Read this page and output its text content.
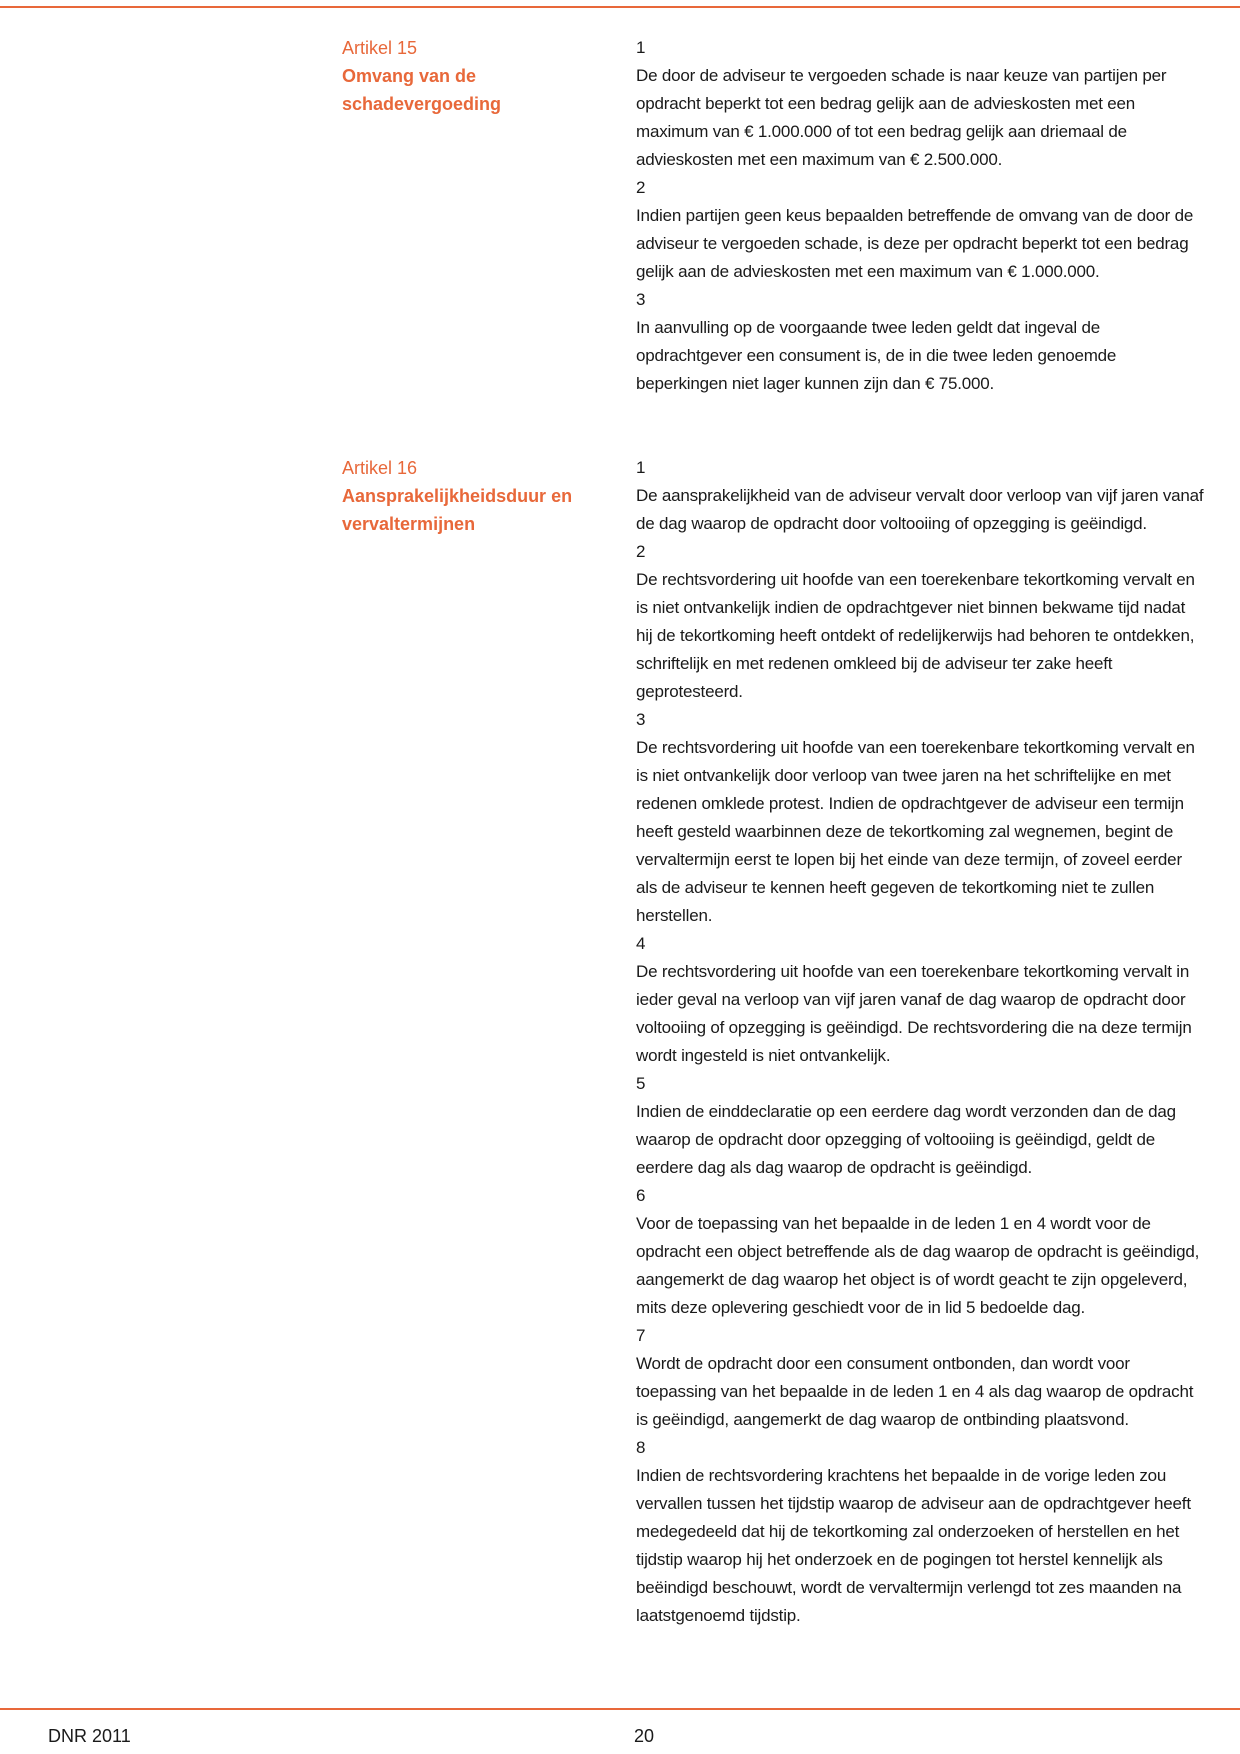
Artikel 15
Omvang van de schadevergoeding
1

De door de adviseur te vergoeden schade is naar keuze van partijen per opdracht beperkt tot een bedrag gelijk aan de advieskosten met een maximum van € 1.000.000 of tot een bedrag gelijk aan driemaal de advieskosten met een maximum van € 2.500.000.

2

Indien partijen geen keus bepaalden betreffende de omvang van de door de adviseur te vergoeden schade, is deze per opdracht beperkt tot een bedrag gelijk aan de advieskosten met een maximum van € 1.000.000.

3

In aanvulling op de voorgaande twee leden geldt dat ingeval de opdrachtgever een consument is, de in die twee leden genoemde beperkingen niet lager kunnen zijn dan € 75.000.

Artikel 16
Aansprakelijkheidsduur en vervaltermijnen
1

De aansprakelijkheid van de adviseur vervalt door verloop van vijf jaren vanaf de dag waarop de opdracht door voltooiing of opzegging is geëindigd.

2

De rechtsvordering uit hoofde van een toerekenbare tekortkoming vervalt en is niet ontvankelijk indien de opdrachtgever niet binnen bekwame tijd nadat hij de tekortkoming heeft ontdekt of redelijkerwijs had behoren te ontdekken, schriftelijk en met redenen omkleed bij de adviseur ter zake heeft geprotesteerd.

3

De rechtsvordering uit hoofde van een toerekenbare tekortkoming vervalt en is niet ontvankelijk door verloop van twee jaren na het schriftelijke en met redenen omklede protest. Indien de opdrachtgever de adviseur een termijn heeft gesteld waarbinnen deze de tekortkoming zal wegnemen, begint de vervaltermijn eerst te lopen bij het einde van deze termijn, of zoveel eerder als de adviseur te kennen heeft gegeven de tekortkoming niet te zullen herstellen.

4

De rechtsvordering uit hoofde van een toerekenbare tekortkoming vervalt in ieder geval na verloop van vijf jaren vanaf de dag waarop de opdracht door voltooiing of opzegging is geëindigd. De rechtsvordering die na deze termijn wordt ingesteld is niet ontvankelijk.

5

Indien de einddeclaratie op een eerdere dag wordt verzonden dan de dag waarop de opdracht door opzegging of voltooiing is geëindigd, geldt de eerdere dag als dag waarop de opdracht is geëindigd.

6

Voor de toepassing van het bepaalde in de leden 1 en 4 wordt voor de opdracht een object betreffende als de dag waarop de opdracht is geëindigd, aangemerkt de dag waarop het object is of wordt geacht te zijn opgeleverd, mits deze oplevering geschiedt voor de in lid 5 bedoelde dag.

7

Wordt de opdracht door een consument ontbonden, dan wordt voor toepassing van het bepaalde in de leden 1 en 4 als dag waarop de opdracht is geëindigd, aangemerkt de dag waarop de ontbinding plaatsvond.

8

Indien de rechtsvordering krachtens het bepaalde in de vorige leden zou vervallen tussen het tijdstip waarop de adviseur aan de opdrachtgever heeft medegedeeld dat hij de tekortkoming zal onderzoeken of herstellen en het tijdstip waarop hij het onderzoek en de pogingen tot herstel kennelijk als beëindigd beschouwt, wordt de vervaltermijn verlengd tot zes maanden na laatstgenoemd tijdstip.

DNR 2011	20
